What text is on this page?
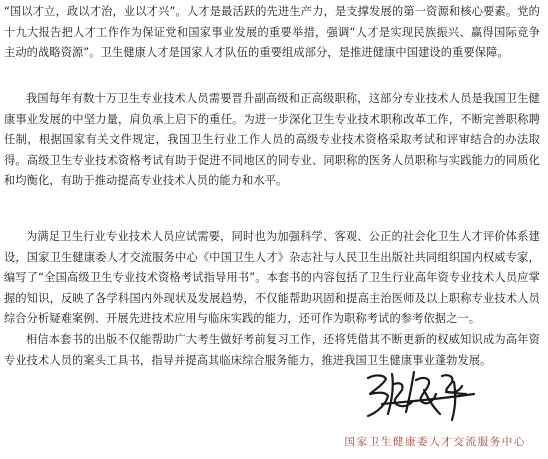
“国以才立，政以才治，业以才兴”。人才是最活跃的先进生产力，是支撑发展的第一资源和核心要素。党的十九大报告把人才工作作为保证党和国家事业发展的重要举措，强调“人才是实现民族振兴、赢得国际竞争主动的战略资源”。卫生健康人才是国家人才队伍的重要组成部分，是推进健康中国建设的重要保障。

我国每年有数十万卫生专业技术人员需要晋升副高级和正高级职称，这部分专业技术人员是我国卫生健康事业发展的中坚力量，肩负承上启下的重任。为进一步深化卫生专业技术职称改革工作，不断完善职称聘任制，根据国家有关文件规定，我国卫生行业工作人员的高级专业技术资格采取考试和评审结合的办法取得。高级卫生专业技术资格考试有助于促进不同地区的同专业、同职称的医务人员职称与实践能力的同质化和均衡化，有助于推动提高专业技术人员的能力和水平。

为满足卫生行业专业技术人员应试需要，同时也为加强科学、客观、公正的社会化卫生人才评价体系建设，国家卫生健康委人才交流服务中心《中国卫生人才》杂志社与人民卫生出版社共同组织国内权威专家，编写了“全国高级卫生专业技术资格考试指导用书”。本套书的内容包括了卫生行业高年资专业技术人员应掌握的知识，反映了各学科国内外现状及发展趋势，不仅能帮助巩固和提高主治医师及以上职称专业技术人员综合分析疑难案例、开展先进技术应用与临床实践的能力，还可作为职称考试的参考依据之一。

相信本套书的出版不仅能帮助广大考生做好考前复习工作，还将凭借其不断更新的权威知识成为高年资专业技术人员的案头工具书，指导并提高其临床综合服务能力，推进我国卫生健康事业蓬勃发展。

国家卫生健康委人才交流服务中心
